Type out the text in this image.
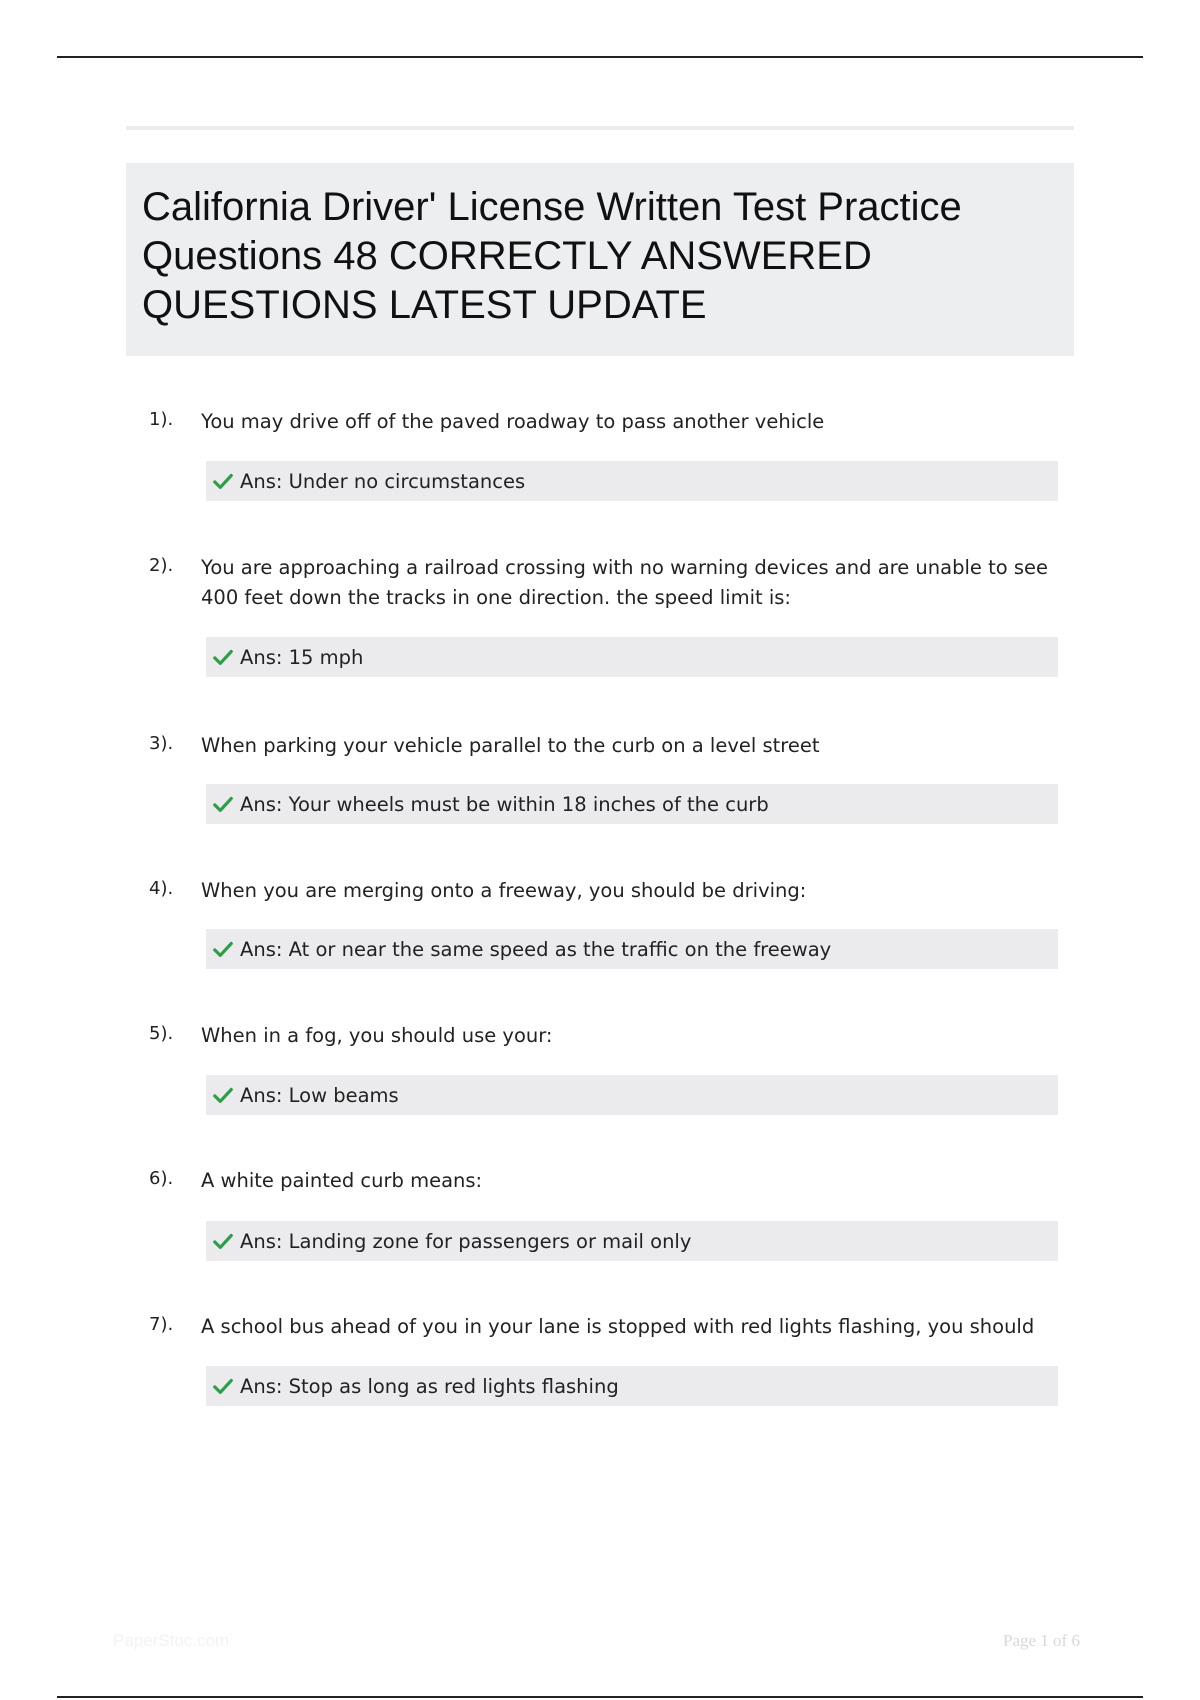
California Driver' License Written Test Practice Questions 48 CORRECTLY ANSWERED QUESTIONS LATEST UPDATE
1). You may drive off of the paved roadway to pass another vehicle
Ans: Under no circumstances
2). You are approaching a railroad crossing with no warning devices and are unable to see 400 feet down the tracks in one direction. the speed limit is:
Ans: 15 mph
3). When parking your vehicle parallel to the curb on a level street
Ans: Your wheels must be within 18 inches of the curb
4). When you are merging onto a freeway, you should be driving:
Ans: At or near the same speed as the traffic on the freeway
5). When in a fog, you should use your:
Ans: Low beams
6). A white painted curb means:
Ans: Landing zone for passengers or mail only
7). A school bus ahead of you in your lane is stopped with red lights flashing, you should
Ans: Stop as long as red lights flashing
PaperStoc.com	Page 1 of 6
